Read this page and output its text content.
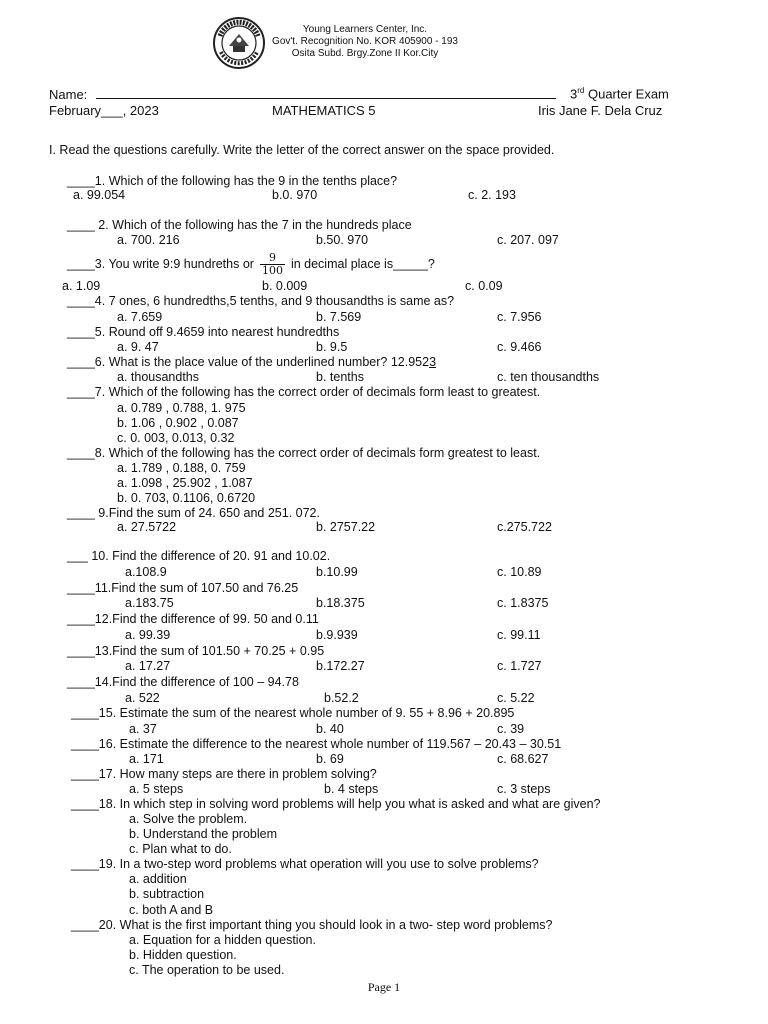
Young Learners Center, Inc.
Gov't. Recognition No. KOR 405900 - 193
Osita Subd. Brgy.Zone II Kor.City
Name:	3rd Quarter Exam
February___, 2023	MATHEMATICS 5	Iris Jane F. Dela Cruz
I. Read the questions carefully. Write the letter of the correct answer on the space provided.
____1. Which of the following has the 9 in the tenths place?
a. 99.054	b.0. 970	c. 2. 193
____ 2. Which of the following has the 7 in the hundreds place
a. 700. 216	b.50. 970	c. 207. 097
____3. You write 9:9 hundreths or $\frac{9}{100}$ in decimal place is_____?
a. 1.09	b. 0.009	c. 0.09
____4. 7 ones, 6 hundredths,5 tenths, and 9 thousandths is same as?
a. 7.659	b. 7.569	c. 7.956
____5. Round off 9.4659 into nearest hundredths
a. 9. 47	b. 9.5	c. 9.466
____6. What is the place value of the underlined number? 12.9523
a. thousandths	b. tenths	c. ten thousandths
____7. Which of the following has the correct order of decimals form least to greatest.
a. 0.789 , 0.788, 1. 975
b. 1.06 , 0.902 , 0.087
c. 0. 003, 0.013, 0.32
____8. Which of the following has the correct order of decimals form greatest to least.
a. 1.789 , 0.188, 0. 759
a. 1.098 , 25.902 , 1.087
b. 0. 703, 0.1106, 0.6720
____ 9.Find the sum of 24. 650 and 251. 072.
a. 27.5722	b. 2757.22	c.275.722
___ 10. Find the difference of 20. 91 and 10.02.
a.108.9	b.10.99	c. 10.89
____11.Find the sum of 107.50 and 76.25
a.183.75	b.18.375	c. 1.8375
____12.Find the difference of 99. 50 and 0.11
a. 99.39	b.9.939	c. 99.11
____13.Find the sum of 101.50 + 70.25 + 0.95
a. 17.27	b.172.27	c. 1.727
____14.Find the difference of 100 – 94.78
a. 522	b.52.2	c. 5.22
____15. Estimate the sum of the nearest whole number of 9. 55 + 8.96 + 20.895
a. 37	b. 40	c. 39
____16. Estimate the difference to the nearest whole number of 119.567 – 20.43 – 30.51
a. 171	b. 69	c. 68.627
____17. How many steps are there in problem solving?
a. 5 steps	b. 4 steps	c. 3 steps
____18. In which step in solving word problems will help you what is asked and what are given?
a. Solve the problem.
b. Understand the problem
c. Plan what to do.
____19. In a two-step word problems what operation will you use to solve problems?
a. addition
b. subtraction
c. both A and B
____20. What is the first important thing you should look in a two- step word problems?
a. Equation for a hidden question.
b. Hidden question.
c. The operation to be used.
Page 1
